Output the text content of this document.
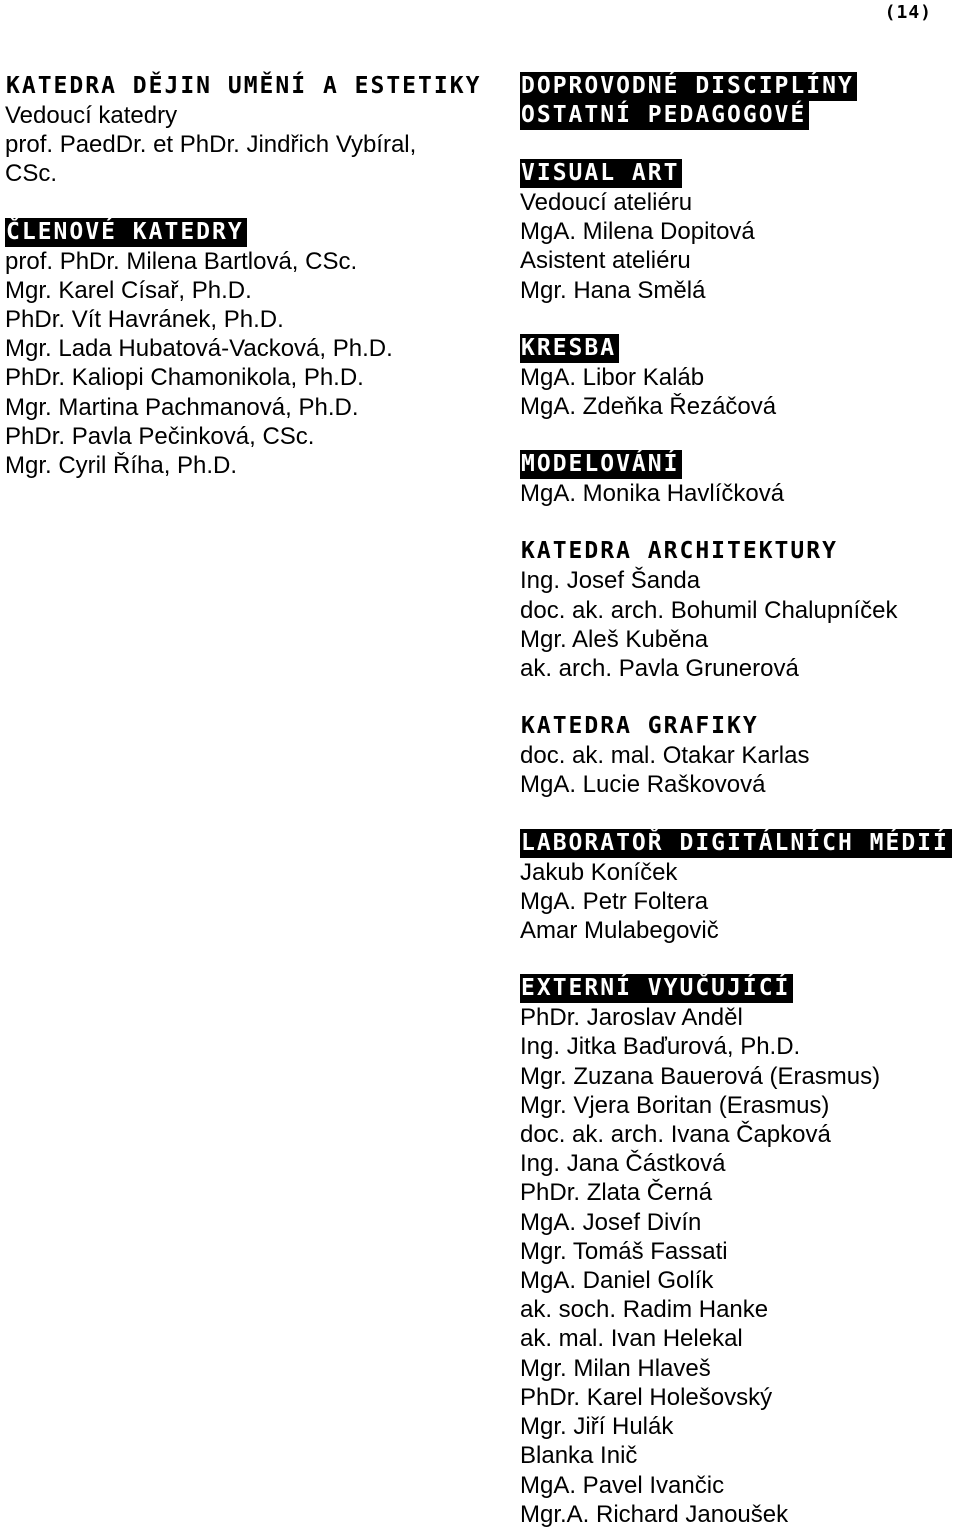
(14)
KATEDRA DĚJIN UMĚNÍ A ESTETIKY
Vedoucí katedry
prof. PaedDr. et PhDr. Jindřich Vybíral,
CSc.
ČLENOVÉ KATEDRY
prof. PhDr. Milena Bartlová, CSc.
Mgr. Karel Císař, Ph.D.
PhDr. Vít Havránek, Ph.D.
Mgr. Lada Hubatová-Vacková, Ph.D.
PhDr. Kaliopi Chamonikola, Ph.D.
Mgr. Martina Pachmanová, Ph.D.
PhDr. Pavla Pečinková, CSc.
Mgr. Cyril Říha, Ph.D.
DOPROVODNÉ DISCIPLÍNY
OSTATNÍ PEDAGOGOVÉ
VISUAL ART
Vedoucí ateliéru
MgA. Milena Dopitová
Asistent ateliéru
Mgr. Hana Smělá
KRESBA
MgA. Libor Kaláb
MgA. Zdeňka Řezáčová
MODELOVÁNÍ
MgA. Monika Havlíčková
KATEDRA ARCHITEKTURY
Ing. Josef Šanda
doc. ak. arch. Bohumil Chalupníček
Mgr. Aleš Kuběna
ak. arch. Pavla Grunerová
KATEDRA GRAFIKY
doc. ak. mal. Otakar Karlas
MgA. Lucie Raškovová
LABORATOŘ DIGITÁLNÍCH MÉDIÍ
Jakub Koníček
MgA. Petr Foltera
Amar Mulabegovič
EXTERNÍ VYUČUJÍCÍ
PhDr. Jaroslav Anděl
Ing. Jitka Baďurová, Ph.D.
Mgr. Zuzana Bauerová (Erasmus)
Mgr. Vjera Boritan (Erasmus)
doc. ak. arch. Ivana Čapková
Ing. Jana Částková
PhDr. Zlata Černá
MgA. Josef Divín
Mgr. Tomáš Fassati
MgA. Daniel Golík
ak. soch. Radim Hanke
ak. mal. Ivan Helekal
Mgr. Milan Hlaveš
PhDr. Karel Holešovský
Mgr. Jiří Hulák
Blanka Inič
MgA. Pavel Ivančic
Mgr.A. Richard Janoušek
